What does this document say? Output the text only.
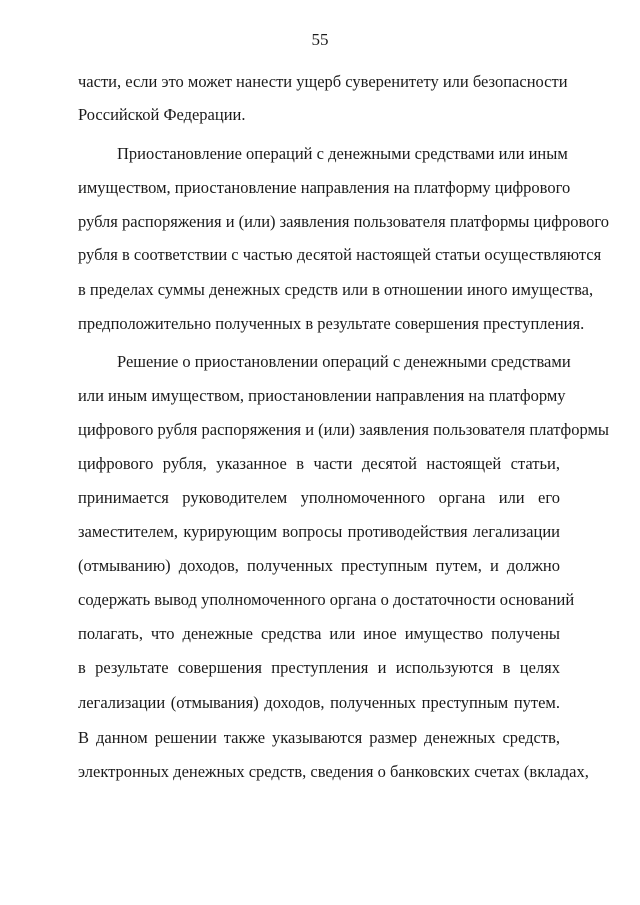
55
части, если это может нанести ущерб суверенитету или безопасности
Российской Федерации.
Приостановление операций с денежными средствами или иным
имуществом, приостановление направления на платформу цифрового
рубля распоряжения и (или) заявления пользователя платформы цифрового
рубля в соответствии с частью десятой настоящей статьи осуществляются
в пределах суммы денежных средств или в отношении иного имущества,
предположительно полученных в результате совершения преступления.
Решение о приостановлении операций с денежными средствами
или иным имуществом, приостановлении направления на платформу
цифрового рубля распоряжения и (или) заявления пользователя платформы
цифрового рубля, указанное в части десятой настоящей статьи,
принимается руководителем уполномоченного органа или его
заместителем, курирующим вопросы противодействия легализации
(отмыванию) доходов, полученных преступным путем, и должно
содержать вывод уполномоченного органа о достаточности оснований
полагать, что денежные средства или иное имущество получены
в результате совершения преступления и используются в целях
легализации (отмывания) доходов, полученных преступным путем.
В данном решении также указываются размер денежных средств,
электронных денежных средств, сведения о банковских счетах (вкладах,
